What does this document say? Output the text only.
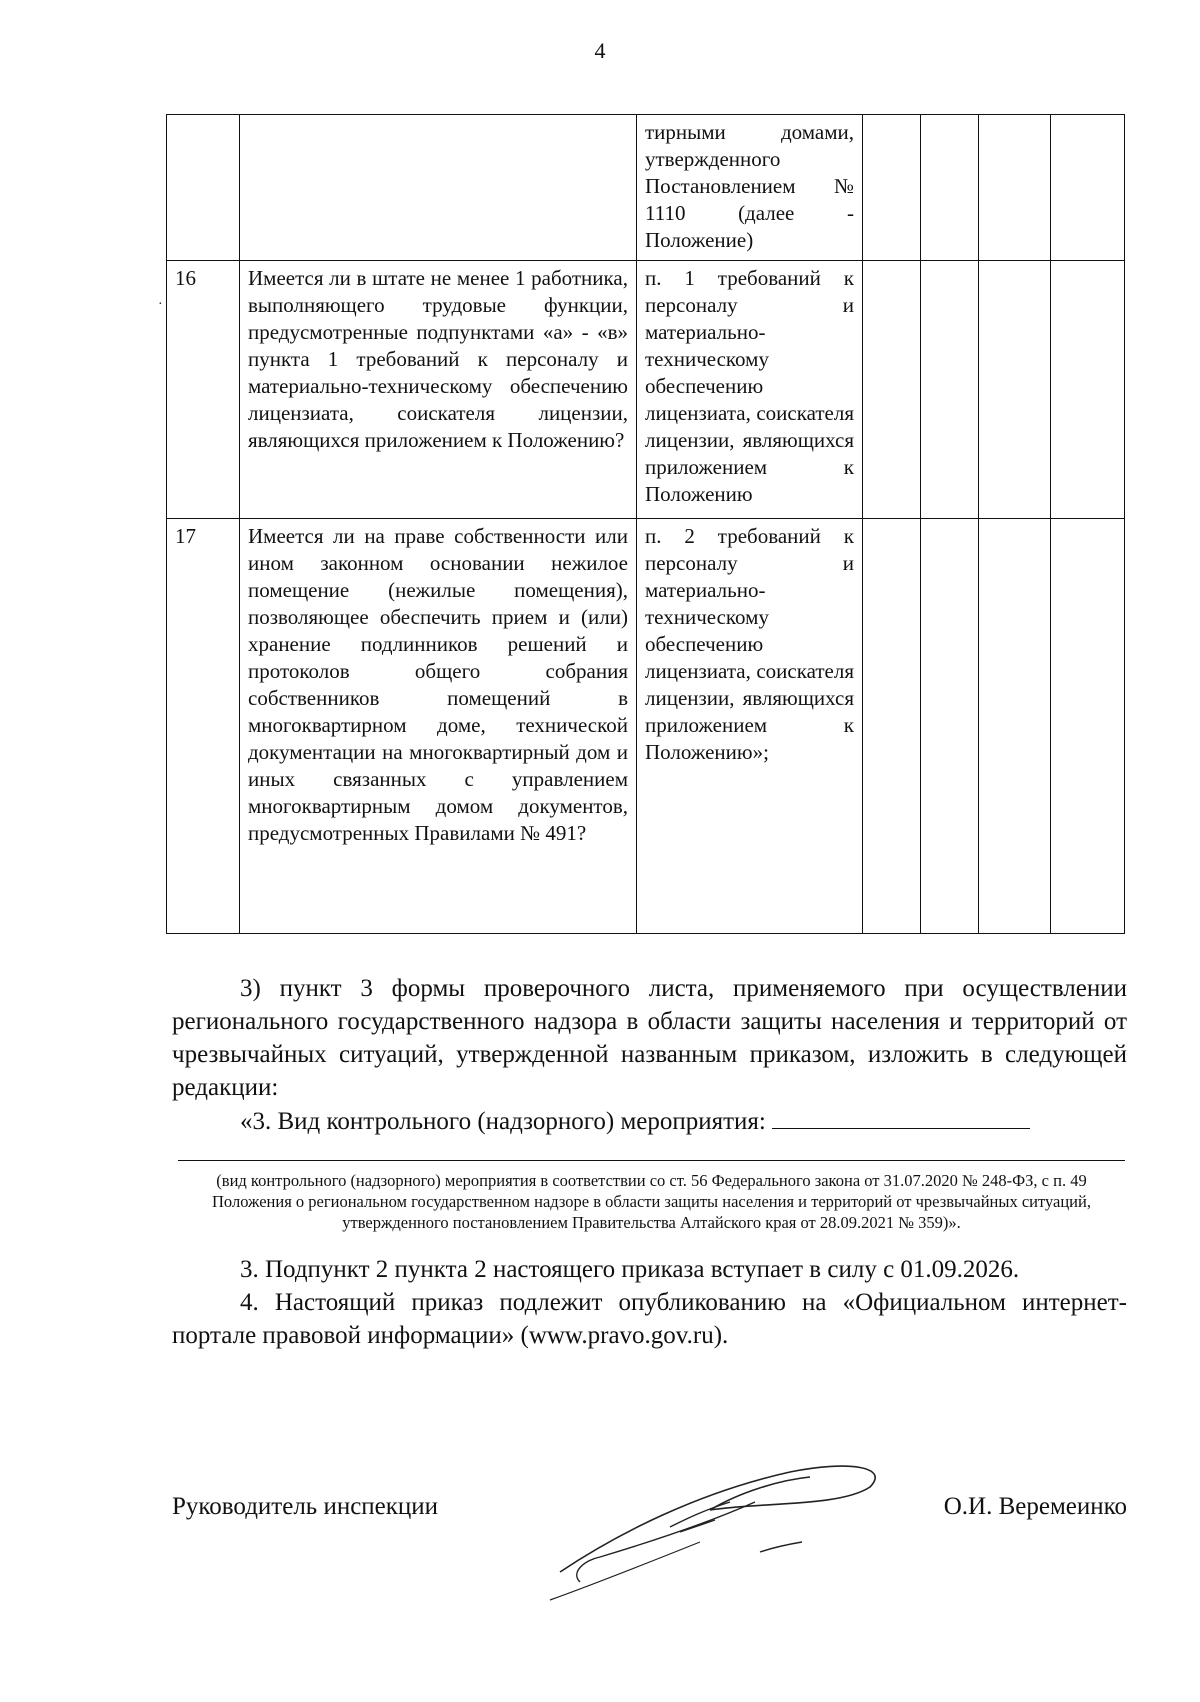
4
·
		тирными домами, утвержденного Постановлением № 1110 (далее - Положение)				
16	Имеется ли в штате не менее 1 работника, выполняющего трудовые функции, предусмотренные подпунктами «а» - «в» пункта 1 требований к персоналу и материально-техническому обеспечению лицензиата, соискателя лицензии, являющихся приложением к Положению?	п. 1 требований к персоналу и материально-техническому обеспечению лицензиата, соискателя лицензии, являющихся приложением к Положению				
17	Имеется ли на праве собственности или ином законном основании нежилое помещение (нежилые помещения), позволяющее обеспечить прием и (или) хранение подлинников решений и протоколов общего собрания собственников помещений в многоквартирном доме, технической документации на многоквартирный дом и иных связанных с управлением многоквартирным домом документов, предусмотренных Правилами № 491?	п. 2 требований к персоналу и материально-техническому обеспечению лицензиата, соискателя лицензии, являющихся приложением к Положению»;				

3) пункт 3 формы проверочного листа, применяемого при осуществлении регионального государственного надзора в области защиты населения и территорий от чрезвычайных ситуаций, утвержденной названным приказом, изложить в следующей редакции:

«3. Вид контрольного (надзорного) мероприятия:

(вид контрольного (надзорного) мероприятия в соответствии со ст. 56 Федерального закона от 31.07.2020 № 248-ФЗ, с п. 49 Положения о региональном государственном надзоре в области защиты населения и территорий от чрезвычайных ситуаций, утвержденного постановлением Правительства Алтайского края от 28.09.2021 № 359)».

3. Подпункт 2 пункта 2 настоящего приказа вступает в силу с 01.09.2026.

4. Настоящий приказ подлежит опубликованию на «Официальном интернет-портале правовой информации» (www.pravo.gov.ru).

Руководитель инспекции	О.И. Веремеинко
